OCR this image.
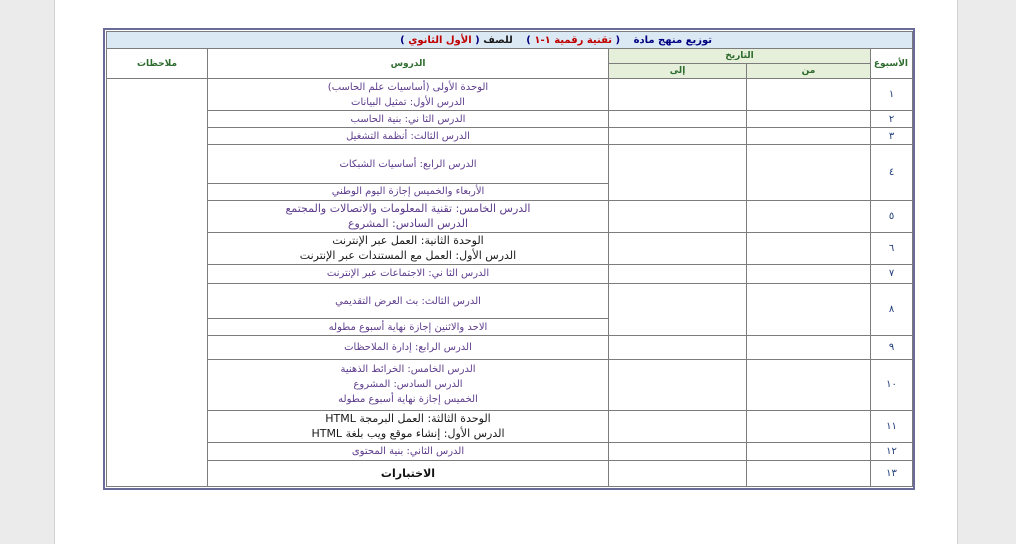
توزيع منهج مادة ( تقنية رقمية ١-١ ) للصف ( الأول الثانوي )				
الأسبوع	التاريخ		الدروس	ملاحظات
	من	إلى		
١			الوحدة الأولى (أساسيات علم الحاسب)
الدرس الأول: تمثيل البيانات	

٢			الدرس الثا ني: بنية الحاسب	

٣			الدرس الثالث: أنظمة التشغيل	

٤			الدرس الرابع: أساسيات الشبكات	

			الأربعاء والخميس إجازة اليوم الوطني	

٥			الدرس الخامس: تقنية المعلومات والاتصالات والمجتمع
الدرس السادس: المشروع	

٦			الوحدة الثانية: العمل عبر الإنترنت
الدرس الأول: العمل مع المستندات عبر الإنترنت	

٧			الدرس الثا ني: الاجتماعات عبر الإنترنت	

٨			الدرس الثالث: بث العرض التقديمي	

			الاحد والاثنين إجازة نهاية أسبوع مطوله	

٩			الدرس الرابع: إدارة الملاحظات	

١٠			الدرس الخامس: الخرائط الذهنية
الدرس السادس: المشروع
الخميس إجازة نهاية أسبوع مطوله	

١١			الوحدة الثالثة: العمل البرمجة HTML
الدرس الأول: إنشاء موقع ويب بلغة HTML	

١٢			الدرس الثاني: بنية المحتوى	

١٣			الاختبارات	
